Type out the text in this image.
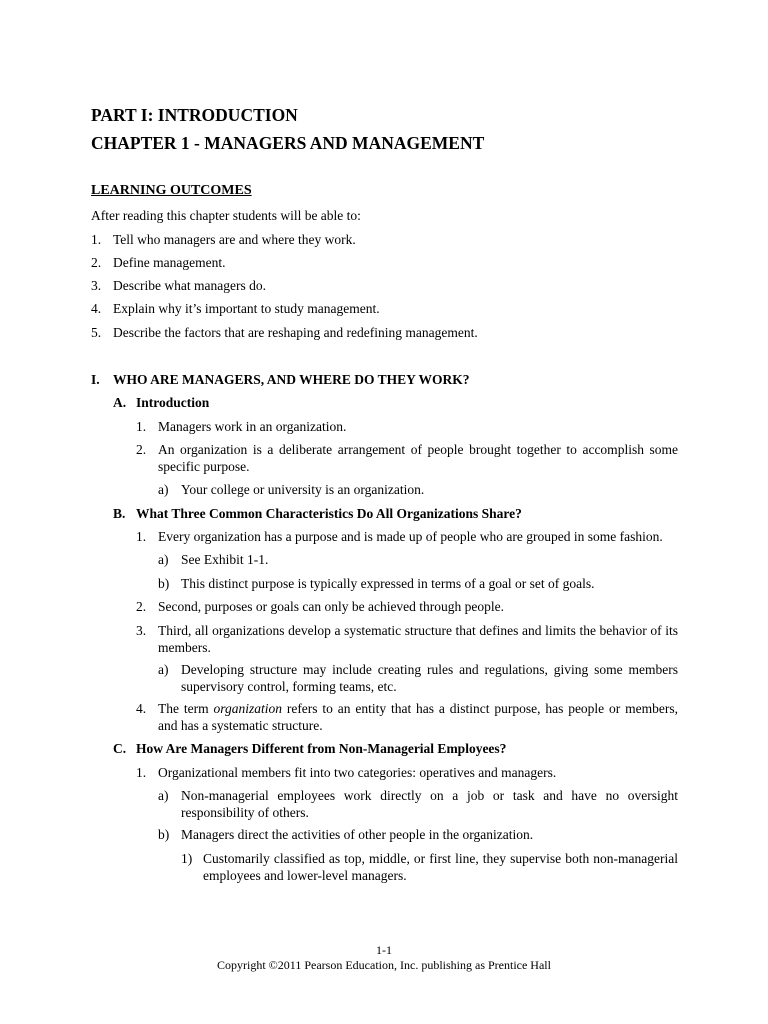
PART I: INTRODUCTION
CHAPTER 1 - MANAGERS AND MANAGEMENT
LEARNING OUTCOMES
After reading this chapter students will be able to:
1. Tell who managers are and where they work.
2. Define management.
3. Describe what managers do.
4. Explain why it’s important to study management.
5. Describe the factors that are reshaping and redefining management.
I. WHO ARE MANAGERS, AND WHERE DO THEY WORK?
A. Introduction
1. Managers work in an organization.
2. An organization is a deliberate arrangement of people brought together to accomplish some specific purpose.
a) Your college or university is an organization.
B. What Three Common Characteristics Do All Organizations Share?
1. Every organization has a purpose and is made up of people who are grouped in some fashion.
a) See Exhibit 1-1.
b) This distinct purpose is typically expressed in terms of a goal or set of goals.
2. Second, purposes or goals can only be achieved through people.
3. Third, all organizations develop a systematic structure that defines and limits the behavior of its members.
a) Developing structure may include creating rules and regulations, giving some members supervisory control, forming teams, etc.
4. The term organization refers to an entity that has a distinct purpose, has people or members, and has a systematic structure.
C. How Are Managers Different from Non-Managerial Employees?
1. Organizational members fit into two categories: operatives and managers.
a) Non-managerial employees work directly on a job or task and have no oversight responsibility of others.
b) Managers direct the activities of other people in the organization.
1) Customarily classified as top, middle, or first line, they supervise both non-managerial employees and lower-level managers.
1-1
Copyright ©2011 Pearson Education, Inc. publishing as Prentice Hall
